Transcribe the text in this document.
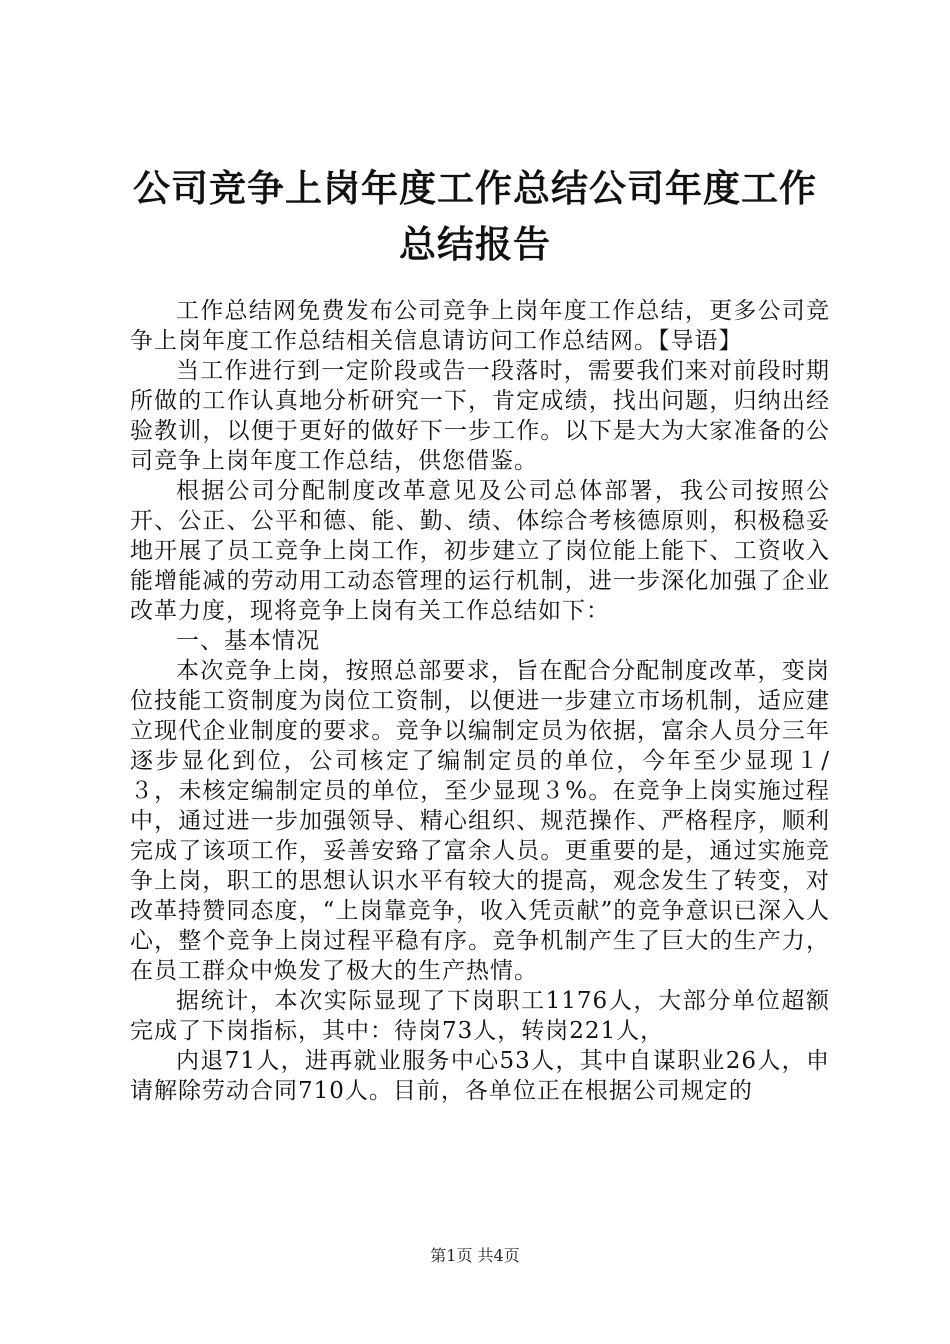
公司竞争上岗年度工作总结公司年度工作总结报告

工作总结网免费发布公司竞争上岗年度工作总结，更多公司竞争上岗年度工作总结相关信息请访问工作总结网。【导语】

当工作进行到一定阶段或告一段落时，需要我们来对前段时期所做的工作认真地分析研究一下，肯定成绩，找出问题，归纳出经验教训，以便于更好的做好下一步工作。以下是大为大家准备的公司竞争上岗年度工作总结，供您借鉴。

根据公司分配制度改革意见及公司总体部署，我公司按照公开、公正、公平和德、能、勤、绩、体综合考核德原则，积极稳妥地开展了员工竞争上岗工作，初步建立了岗位能上能下、工资收入能增能减的劳动用工动态管理的运行机制，进一步深化加强了企业改革力度，现将竞争上岗有关工作总结如下：

一、基本情况

本次竞争上岗，按照总部要求，旨在配合分配制度改革，变岗位技能工资制度为岗位工资制，以便进一步建立市场机制，适应建立现代企业制度的要求。竞争以编制定员为依据，富余人员分三年逐步显化到位，公司核定了编制定员的单位，今年至少显现１/３，未核定编制定员的单位，至少显现３%。在竞争上岗实施过程中，通过进一步加强领导、精心组织、规范操作、严格程序，顺利完成了该项工作，妥善安臵了富余人员。更重要的是，通过实施竞争上岗，职工的思想认识水平有较大的提高，观念发生了转变，对改革持赞同态度，“上岗靠竞争，收入凭贡献”的竞争意识已深入人心，整个竞争上岗过程平稳有序。竞争机制产生了巨大的生产力，在员工群众中焕发了极大的生产热情。

据统计，本次实际显现了下岗职工1176人，大部分单位超额完成了下岗指标，其中：待岗73人，转岗221人，

内退71人，进再就业服务中心53人，其中自谋职业26人，申请解除劳动合同710人。目前，各单位正在根据公司规定的

第1页 共4页
